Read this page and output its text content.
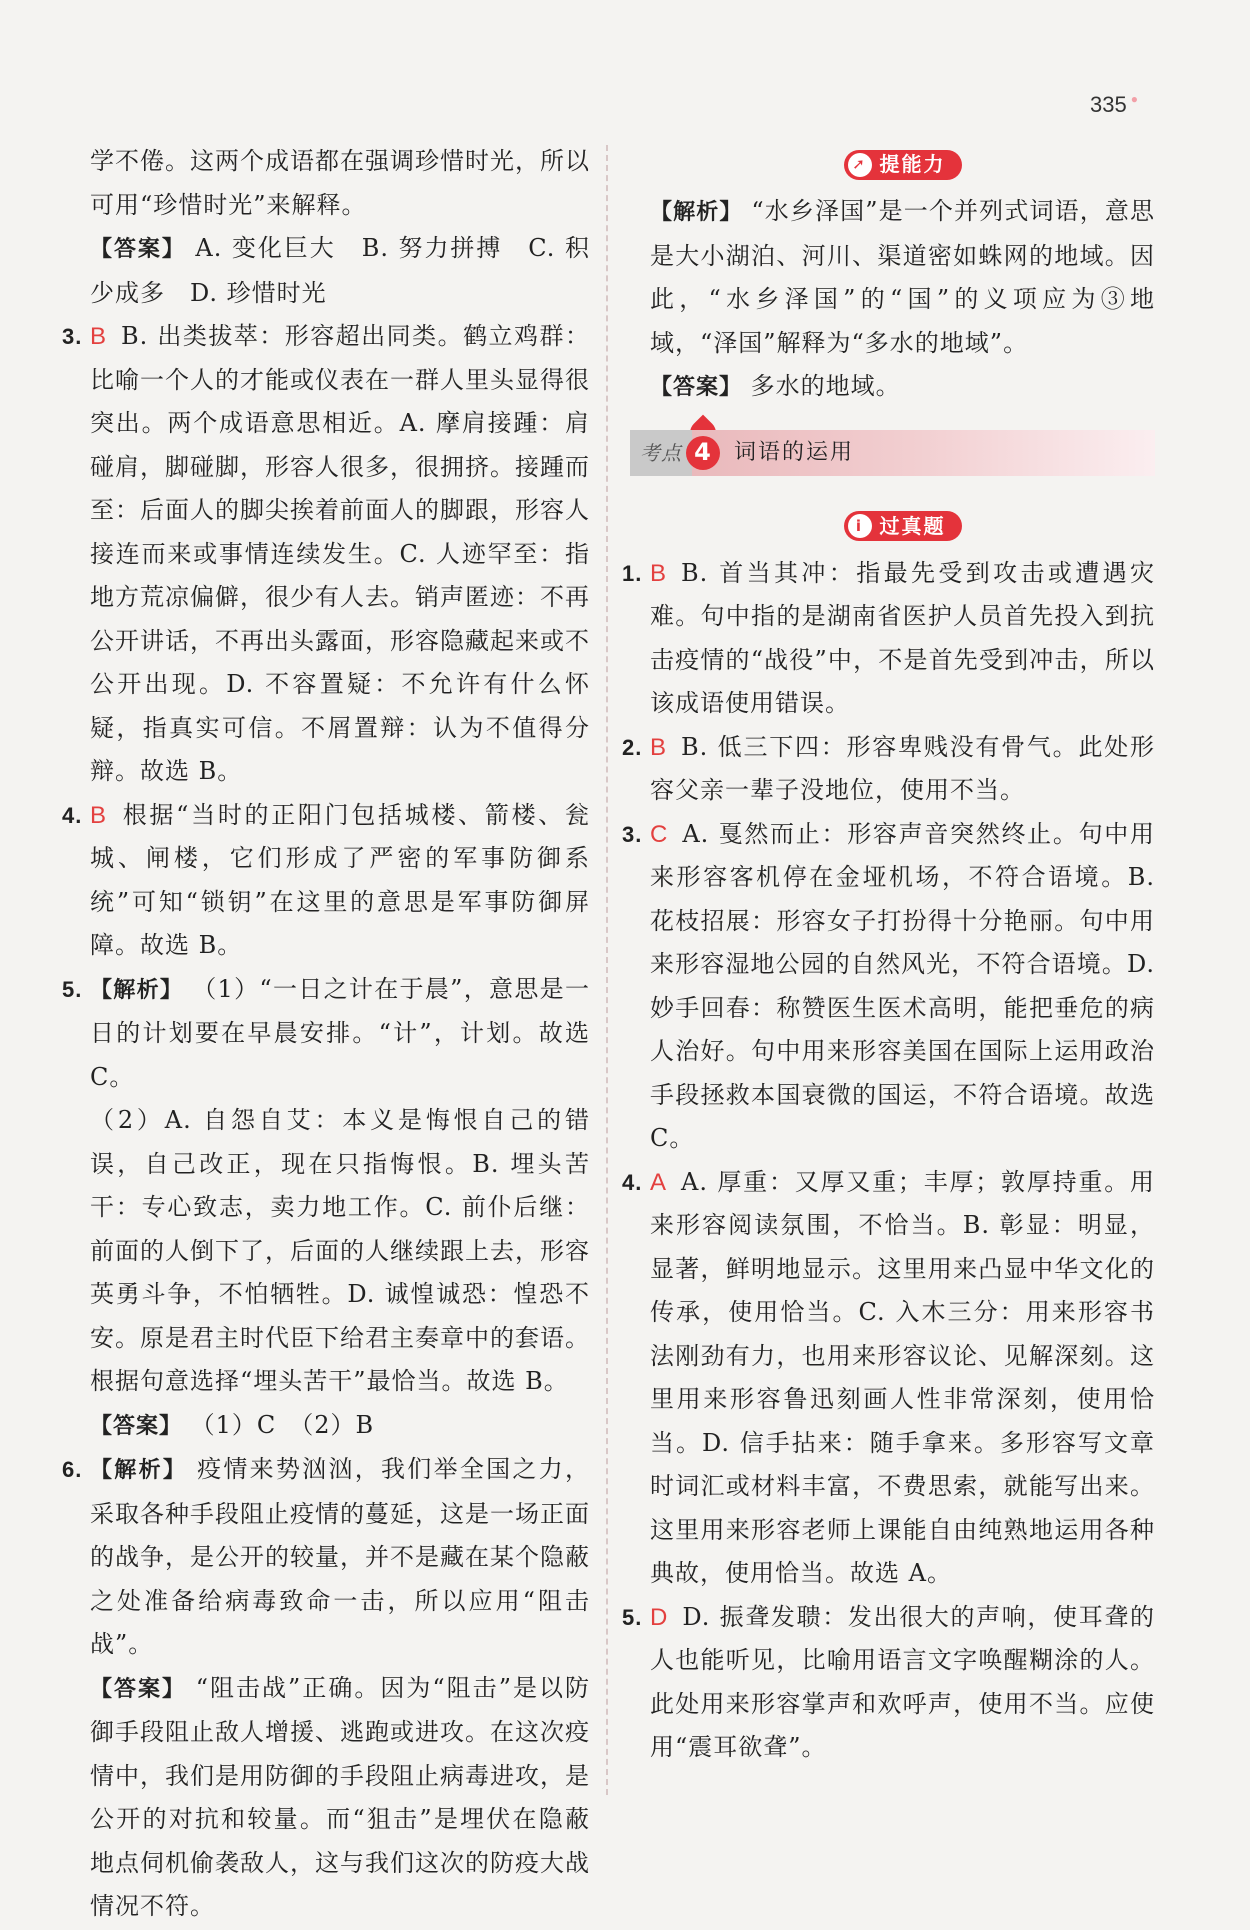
335 ●

学不倦。这两个成语都在强调珍惜时光，所以可用“珍惜时光”来解释。

【答案】 A. 变化巨大　B. 努力拼搏　C. 积少成多　D. 珍惜时光

3. B B. 出类拔萃：形容超出同类。鹤立鸡群：比喻一个人的才能或仪表在一群人里头显得很突出。两个成语意思相近。A. 摩肩接踵：肩碰肩，脚碰脚，形容人很多，很拥挤。接踵而至：后面人的脚尖挨着前面人的脚跟，形容人接连而来或事情连续发生。C. 人迹罕至：指地方荒凉偏僻，很少有人去。销声匿迹：不再公开讲话，不再出头露面，形容隐藏起来或不公开出现。D. 不容置疑：不允许有什么怀疑，指真实可信。不屑置辩：认为不值得分辩。故选 B。

4. B 根据“当时的正阳门包括城楼、箭楼、瓮城、闸楼，它们形成了严密的军事防御系统”可知“锁钥”在这里的意思是军事防御屏障。故选 B。

5. 【解析】 （1）“一日之计在于晨”，意思是一日的计划要在早晨安排。“计”，计划。故选 C。

（2）A. 自怨自艾：本义是悔恨自己的错误，自己改正，现在只指悔恨。B. 埋头苦干：专心致志，卖力地工作。C. 前仆后继：前面的人倒下了，后面的人继续跟上去，形容英勇斗争，不怕牺牲。D. 诚惶诚恐：惶恐不安。原是君主时代臣下给君主奏章中的套语。根据句意选择“埋头苦干”最恰当。故选 B。

【答案】 （1）C　（2）B

6. 【解析】 疫情来势汹汹，我们举全国之力，采取各种手段阻止疫情的蔓延，这是一场正面的战争，是公开的较量，并不是藏在某个隐蔽之处准备给病毒致命一击，所以应用“阻击战”。

【答案】 “阻击战”正确。因为“阻击”是以防御手段阻止敌人增援、逃跑或进攻。在这次疫情中，我们是用防御的手段阻止病毒进攻，是公开的对抗和较量。而“狙击”是埋伏在隐蔽地点伺机偷袭敌人，这与我们这次的防疫大战情况不符。

➚ 提能力

【解析】 “水乡泽国”是一个并列式词语，意思是大小湖泊、河川、渠道密如蛛网的地域。因此，“水乡泽国”的“国”的义项应为③地域，“泽国”解释为“多水的地域”。

【答案】 多水的地域。

考点 4 词语的运用
i 过真题
1. B B. 首当其冲：指最先受到攻击或遭遇灾难。句中指的是湖南省医护人员首先投入到抗击疫情的“战役”中，不是首先受到冲击，所以该成语使用错误。

2. B B. 低三下四：形容卑贱没有骨气。此处形容父亲一辈子没地位，使用不当。

3. C A. 戛然而止：形容声音突然终止。句中用来形容客机停在金垭机场，不符合语境。B. 花枝招展：形容女子打扮得十分艳丽。句中用来形容湿地公园的自然风光，不符合语境。D. 妙手回春：称赞医生医术高明，能把垂危的病人治好。句中用来形容美国在国际上运用政治手段拯救本国衰微的国运，不符合语境。故选 C。

4. A A. 厚重：又厚又重；丰厚；敦厚持重。用来形容阅读氛围，不恰当。B. 彰显：明显，显著，鲜明地显示。这里用来凸显中华文化的传承，使用恰当。C. 入木三分：用来形容书法刚劲有力，也用来形容议论、见解深刻。这里用来形容鲁迅刻画人性非常深刻，使用恰当。D. 信手拈来：随手拿来。多形容写文章时词汇或材料丰富，不费思索，就能写出来。这里用来形容老师上课能自由纯熟地运用各种典故，使用恰当。故选 A。

5. D D. 振聋发聩：发出很大的声响，使耳聋的人也能听见，比喻用语言文字唤醒糊涂的人。此处用来形容掌声和欢呼声，使用不当。应使用“震耳欲聋”。
